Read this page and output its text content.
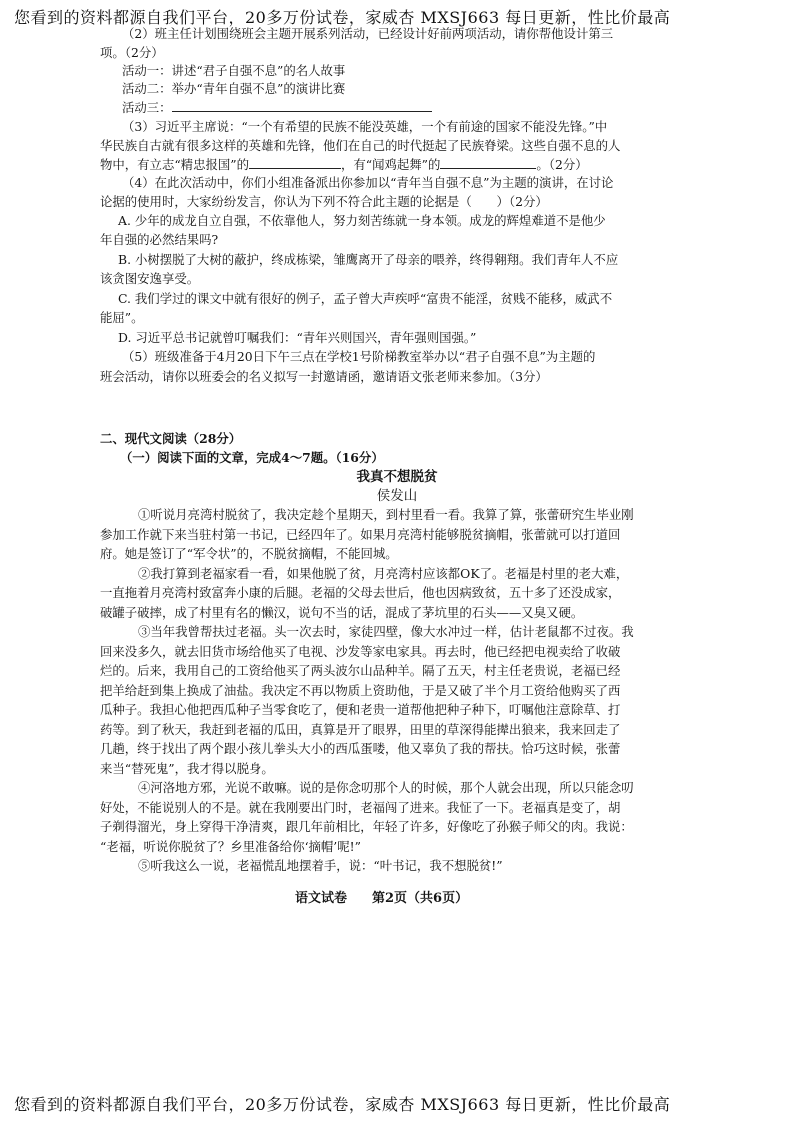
您看到的资料都源自我们平台，20多万份试卷，家威杏 MXSJ663 每日更新，性比价最高
（2）班主任计划围绕班会主题开展系列活动，已经设计好前两项活动，请你帮他设计第三
项。（2分）
活动一：讲述“君子自强不息”的名人故事
活动二：举办“青年自强不息”的演讲比赛
活动三：
（3）习近平主席说：“一个有希望的民族不能没英雄，一个有前途的国家不能没先锋。”中
华民族自古就有很多这样的英雄和先锋，他们在自己的时代挺起了民族脊梁。这些自强不息的人
物中，有立志“精忠报国”的	，有“闻鸡起舞”的	。（2分）
（4）在此次活动中，你们小组准备派出你参加以“青年当自强不息”为主题的演讲，在讨论
论据的使用时，大家纷纷发言，你认为下列不符合此主题的论据是（　　）（2分）
A. 少年的成龙自立自强，不依靠他人，努力刻苦练就一身本领。成龙的辉煌难道不是他少
年自强的必然结果吗?
B. 小树摆脱了大树的蔽护，终成栋梁，雏鹰离开了母亲的喂养，终得翱翔。我们青年人不应
该贪图安逸享受。
C. 我们学过的课文中就有很好的例子，孟子曾大声疾呼“富贵不能淫，贫贱不能移，威武不
能屈”。
D. 习近平总书记就曾叮嘱我们：“青年兴则国兴，青年强则国强。”
（5）班级准备于4月20日下午三点在学校1号阶梯教室举办以“君子自强不息”为主题的
班会活动，请你以班委会的名义拟写一封邀请函，邀请语文张老师来参加。（3分）
二、现代文阅读（28分）
（一）阅读下面的文章，完成4～7题。（16分）
我真不想脱贫
侯发山
①听说月亮湾村脱贫了，我决定趁个星期天，到村里看一看。我算了算，张蕾研究生毕业刚
参加工作就下来当驻村第一书记，已经四年了。如果月亮湾村能够脱贫摘帽，张蕾就可以打道回
府。她是签订了“军令状”的，不脱贫摘帽，不能回城。
②我打算到老福家看一看，如果他脱了贫，月亮湾村应该都OK了。老福是村里的老大难，
一直拖着月亮湾村致富奔小康的后腿。老福的父母去世后，他也因病致贫，五十多了还没成家，
破罐子破摔，成了村里有名的懒汉，说句不当的话，混成了茅坑里的石头——又臭又硬。
③当年我曾帮扶过老福。头一次去时，家徒四壁，像大水冲过一样，估计老鼠都不过夜。我
回来没多久，就去旧货市场给他买了电视、沙发等家电家具。再去时，他已经把电视卖给了收破
烂的。后来，我用自己的工资给他买了两头波尔山品种羊。隔了五天，村主任老贵说，老福已经
把羊给赶到集上换成了油盐。我决定不再以物质上资助他，于是又破了半个月工资给他购买了西
瓜种子。我担心他把西瓜种子当零食吃了，便和老贵一道帮他把种子种下，叮嘱他注意除草、打
药等。到了秋天，我赶到老福的瓜田，真算是开了眼界，田里的草深得能撵出狼来，我来回走了
几趟，终于找出了两个跟小孩儿拳头大小的西瓜蛋喽，他又辜负了我的帮扶。恰巧这时候，张蕾
来当“替死鬼”，我才得以脱身。
④河洛地方邪，光说不敢嘛。说的是你念叨那个人的时候，那个人就会出现，所以只能念叨
好处，不能说别人的不是。就在我刚要出门时，老福闯了进来。我怔了一下。老福真是变了，胡
子剃得溜光，身上穿得干净清爽，跟几年前相比，年轻了许多，好像吃了孙猴子师父的肉。我说：
“老福，听说你脱贫了？乡里准备给你‘摘帽’呢!”
⑤听我这么一说，老福慌乱地摆着手，说：“叶书记，我不想脱贫!”
语文试卷 第2页（共6页）
您看到的资料都源自我们平台，20多万份试卷，家威杏 MXSJ663 每日更新，性比价最高
